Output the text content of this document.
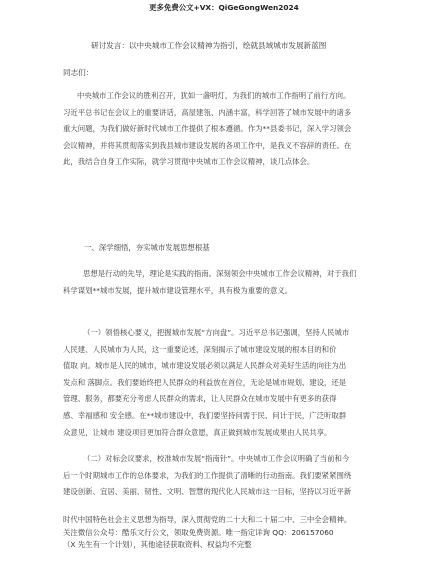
更多免费公文+VX：QiGeGongWen2024
研讨发言：以中央城市工作会议精神为指引，绘就县域城市发展新蓝图
同志们：
中央城市工作会议的胜利召开，犹如一盏明灯，为我们的城市工作指明了前行方向。
习近平总书记在会议上的重要讲话，高屋建瓴、内涵丰富，科学回答了城市发展中的诸多
重大问题，为我们做好新时代城市工作提供了根本遵循。作为**县委书记，深入学习领会
会议精神，并将其贯彻落实到我县城市建设发展的各项工作中，是我义不容辞的责任。在
此，我结合自身工作实际，就学习贯彻中央城市工作会议精神，谈几点体会。
一、深学细悟，夯实城市发展思想根基
思想是行动的先导，理论是实践的指南。深刻领会中央城市工作会议精神，对于我们
科学谋划**城市发展，提升城市建设管理水平，具有极为重要的意义。
（一）领悟核心要义，把握城市发展“方向盘”。习近平总书记强调，坚持人民城市
人民建、人民城市为人民，这一重要论述，深刻揭示了城市建设发展的根本目的和价
值取 向。城市是人民的城市，城市建设发展必须以满足人民群众对美好生活的向往为出
发点和 落脚点。我们要始终把人民群众的利益放在首位，无论是城市规划、建设，还是
管理、服务，都要充分考虑人民群众的需求，让人民群众在城市发展中有更多的获得
感、幸福感和 安全感。在**城市建设中，我们要坚持问需于民、问计于民，广泛听取群
众意见，让城市 建设项目更加符合群众意愿，真正做到城市发展成果由人民共享。
（二）对标会议要求，校准城市发展“指南针”。中央城市工作会议明确了当前和今
后一个时期城市工作的总体要求，为我们的工作提供了清晰的行动指南。我们要紧紧围绕
建设创新、宜居、美丽、韧性、文明、智慧的现代化人民城市这一目标，坚持以习近平新
时代中国特色社会主义思想为指导，深入贯彻党的二十大和二十届二中、三中全会精神。
关注微信公众号：酷乐文行公文，领取免费资源。唯一指定详询 QQ：206157060
（X 先生有一个计划），其他途径获取资料、权益均不完整
